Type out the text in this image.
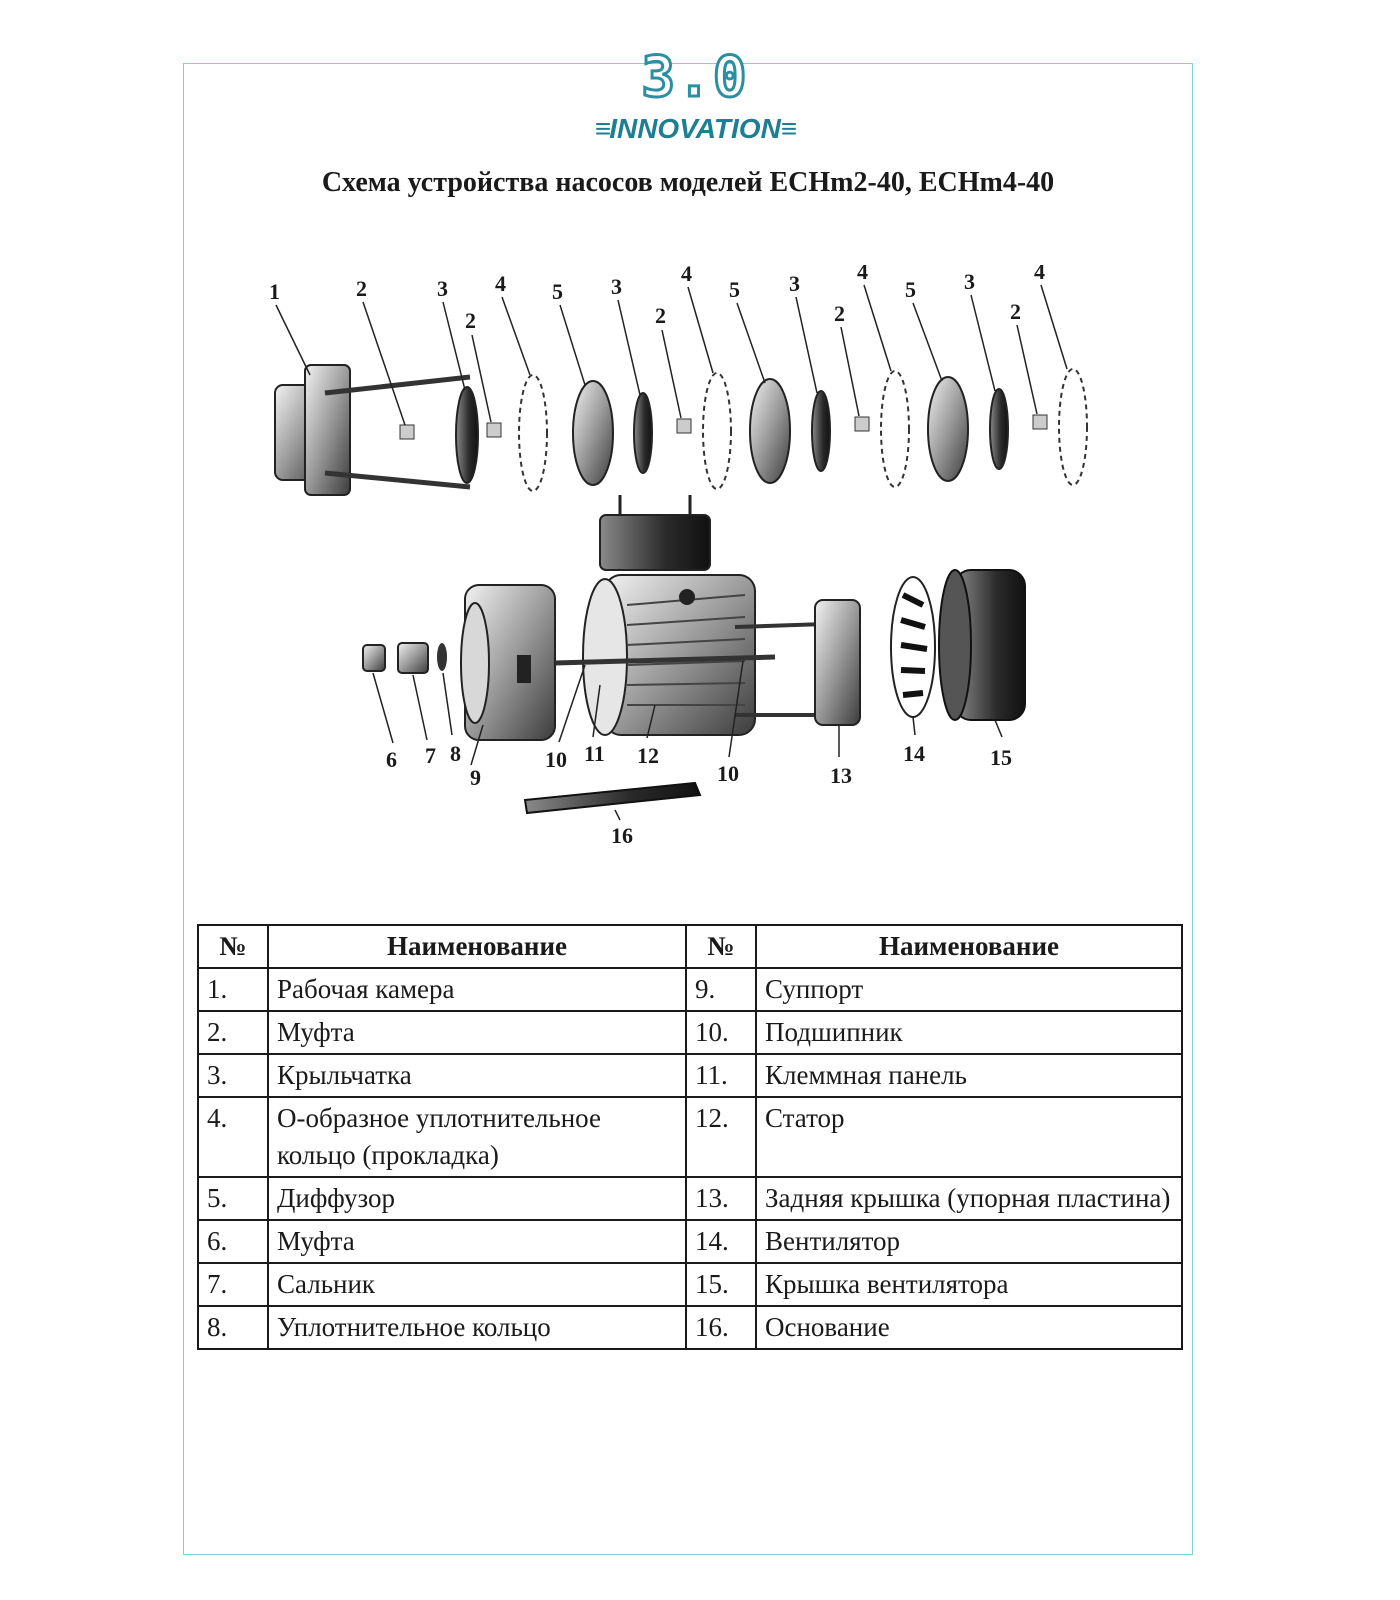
3.0
≡INNOVATION≡
Схема устройства насосов моделей ECHm2-40, ECHm4-40
1	2	3
2
4 5 3
2
4
5 3
2
4
5 3
2
4
6 7 8
9
10 11 12
10	13
14	15
16
№	Наименование	№	Наименование
1.	Рабочая камера	9.	Суппорт
2.	Муфта	10.	Подшипник
3.	Крыльчатка	11.	Клеммная панель
4.	О-образное уплотнительное кольцо (прокладка)	12.	Статор
5.	Диффузор	13.	Задняя крышка (упорная пластина)
6.	Муфта	14.	Вентилятор
7.	Сальник	15.	Крышка вентилятора
8.	Уплотнительное кольцо	16.	Основание
